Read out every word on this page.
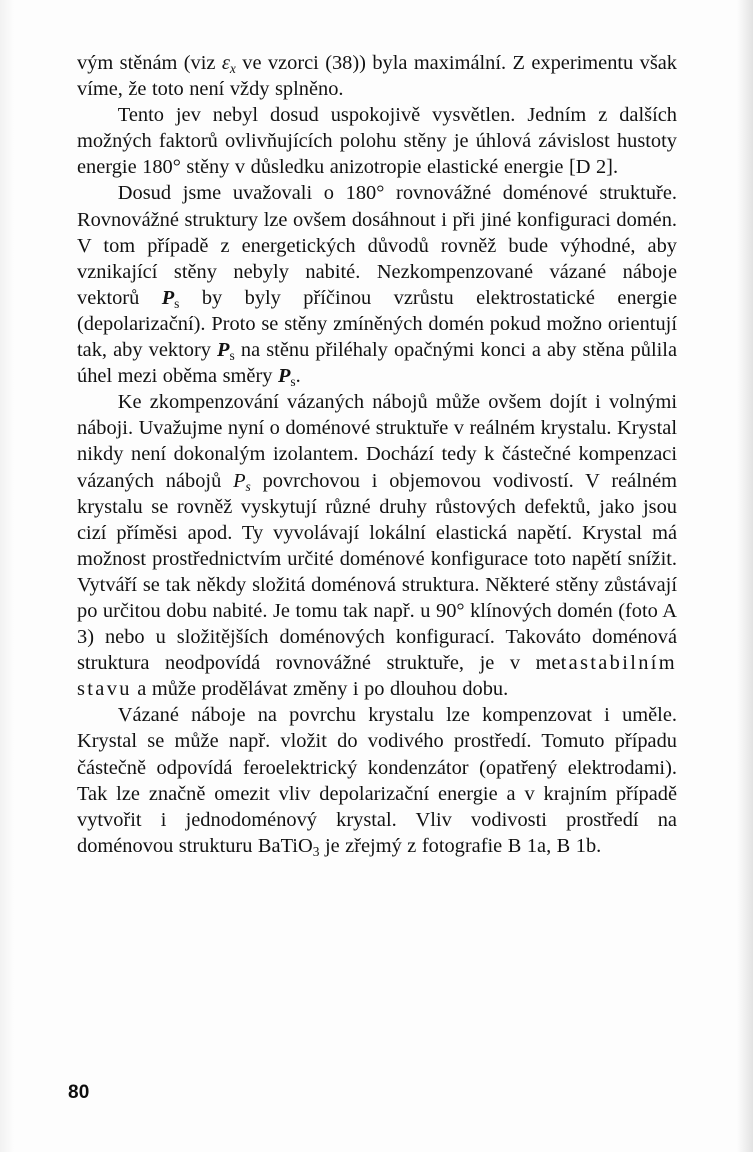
vým stěnám (viz $\varepsilon_x$ ve vzorci (38)) byla maximální. Z experimentu však víme, že toto není vždy splněno.

Tento jev nebyl dosud uspokojivě vysvětlen. Jedním z dalších možných faktorů ovlivňujících polohu stěny je úhlová závislost hustoty energie 180° stěny v důsledku anizotropie elastické energie [D 2].

Dosud jsme uvažovali o 180° rovnovážné doménové struktuře. Rovnovážné struktury lze ovšem dosáhnout i při jiné konfiguraci domén. V tom případě z energetických důvodů rovněž bude výhodné, aby vznikající stěny nebyly nabité. Nezkompenzované vázané náboje vektorů $P_s$ by byly příčinou vzrůstu elektrostatické energie (depolarizační). Proto se stěny zmíněných domén pokud možno orientují tak, aby vektory $P_s$ na stěnu přiléhaly opačnými konci a aby stěna půlila úhel mezi oběma směry $P_s$.

Ke zkompenzování vázaných nábojů může ovšem dojít i volnými náboji. Uvažujme nyní o doménové struktuře v reálném krystalu. Krystal nikdy není dokonalým izolantem. Dochází tedy k částečné kompenzaci vázaných nábojů $P_s$ povrchovou i objemovou vodivostí. V reálném krystalu se rovněž vyskytují různé druhy růstových defektů, jako jsou cizí příměsi apod. Ty vyvolávají lokální elastická napětí. Krystal má možnost prostřednictvím určité doménové konfigurace toto napětí snížit. Vytváří se tak někdy složitá doménová struktura. Některé stěny zůstávají po určitou dobu nabité. Je tomu tak např. u 90° klínových domén (foto A 3) nebo u složitějších doménových konfigurací. Takováto doménová struktura neodpovídá rovnovážné struktuře, je v metastabilním stavu a může prodělávat změny i po dlouhou dobu.

Vázané náboje na povrchu krystalu lze kompenzovat i uměle. Krystal se může např. vložit do vodivého prostředí. Tomuto případu částečně odpovídá feroelektrický kondenzátor (opatřený elektrodami). Tak lze značně omezit vliv depolarizační energie a v krajním případě vytvořit i jednodoménový krystal. Vliv vodivosti prostředí na doménovou strukturu BaTiO$_3$ je zřejmý z fotografie B 1a, B 1b.

80
